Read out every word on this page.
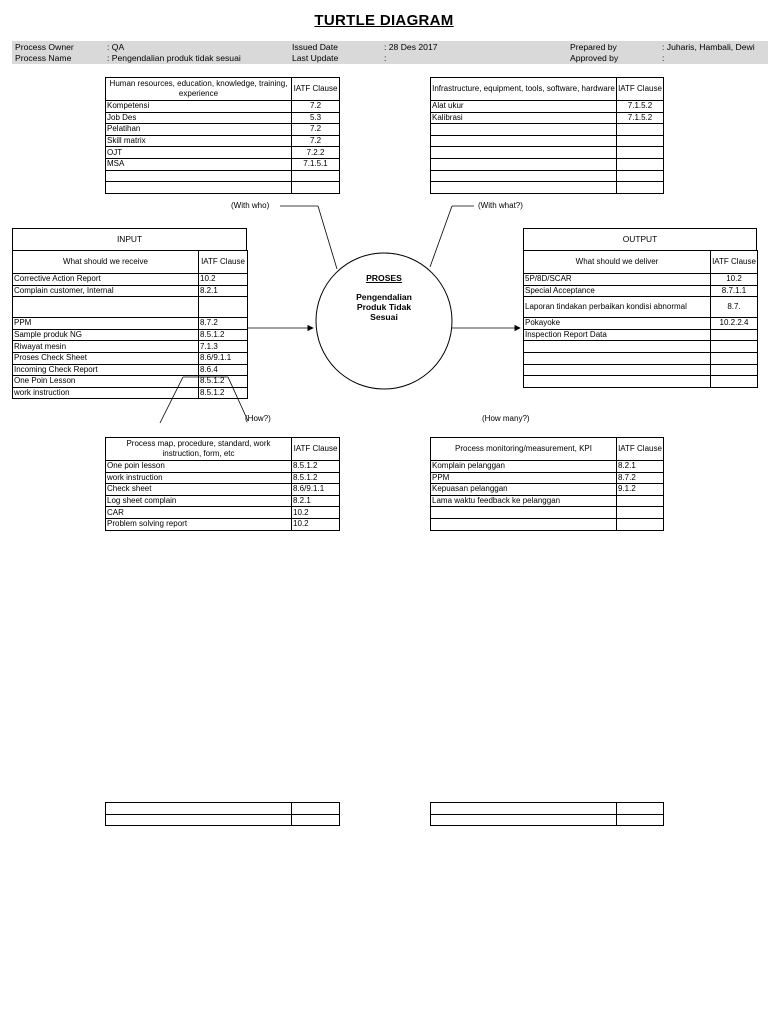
TURTLE DIAGRAM
Process Owner	: QA
Process Name	: Pengendalian produk tidak sesuai
Issued Date	: 28 Des 2017
Last Update	:
Prepared by	: Juharis, Hambali, Dewi
Approved by	:
(With who)
Human resources, education, knowledge, training, experience	IATF Clause
Kompetensi	7.2
Job Des	5.3
Pelatihan	7.2
Skill matrix	7.2
OJT	7.2.2
MSA	7.1.5.1

(With what?)
Infrastructure, equipment, tools, software, hardware	IATF Clause
Alat ukur	7.1.5.2
Kalibrasi	7.1.5.2

INPUT
What should we receive	IATF Clause
Corrective Action Report	10.2
Complain customer, Internal	8.2.1

PPM	8.7.2
Sample produk NG	8.5.1.2
Riwayat mesin	7.1.3
Proses Check Sheet	8.6/9.1.1
Incoming Check Report	8.6.4
One Poin Lesson	8.5.1.2
work instruction	8.5.1.2
OUTPUT
What should we deliver	IATF Clause
5P/8D/SCAR	10.2
Special Acceptance	8.7.1.1
Laporan tindakan perbaikan kondisi abnormal	8.7.
Pokayoke	10.2.2.4
Inspection Report Data	

PROSES
Pengendalian Produk Tidak Sesuai
(How?)
Process map, procedure, standard, work instruction, form, etc	IATF Clause
One poin lesson	8.5.1.2
work instruction	8.5.1.2
Check sheet	8.6/9.1.1
Log sheet complain	8.2.1
CAR	10.2
Problem solving report	10.2
(How many?)
Process monitoring/measurement, KPI	IATF Clause
Komplain pelanggan	8.2.1
PPM	8.7.2
Kepuasan pelanggan	9.1.2
Lama waktu feedback ke pelanggan	
